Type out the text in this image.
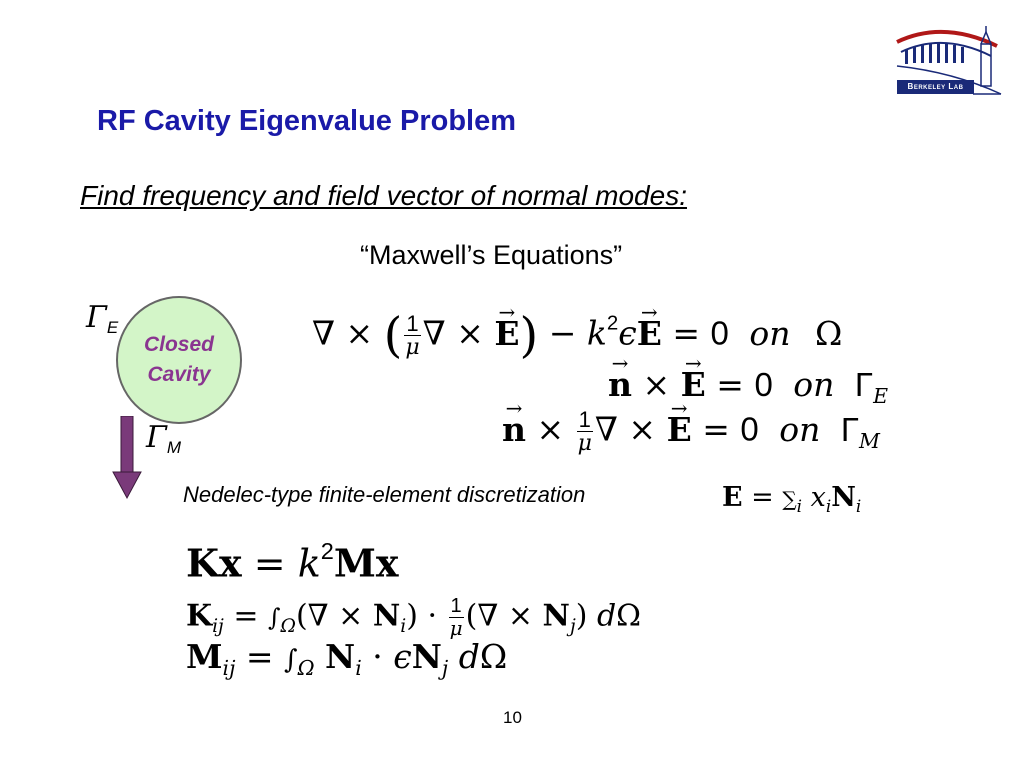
Berkeley Lab
RF Cavity Eigenvalue Problem
Find frequency and field vector of normal modes:
“Maxwell’s Equations”
$\Gamma_E$
Closed
Cavity
$\Gamma_M$
∇ × ( $\frac{1}{\mu}$ ∇ × → $E) - k^2\epsilon\to E = 0$ on Ω
→ n × → E = 0 on $\Gamma_E$
→ $n \times \frac{1}{\mu}$ ∇ × → E = 0 on $\Gamma_M$
Nedelec-type finite-element discretization	$E = \sum_i$ $x_iN_i$
$Kx = k^2Mx$
$K_{ij} = \int_\Omega(\nabla \times N_i) \cdot \frac{1}{\mu}$ (∇ × $N_j$) dΩ
$M_{ij} = \int_\Omega$ $N_i \cdot \epsilon N_j$ dΩ
10
